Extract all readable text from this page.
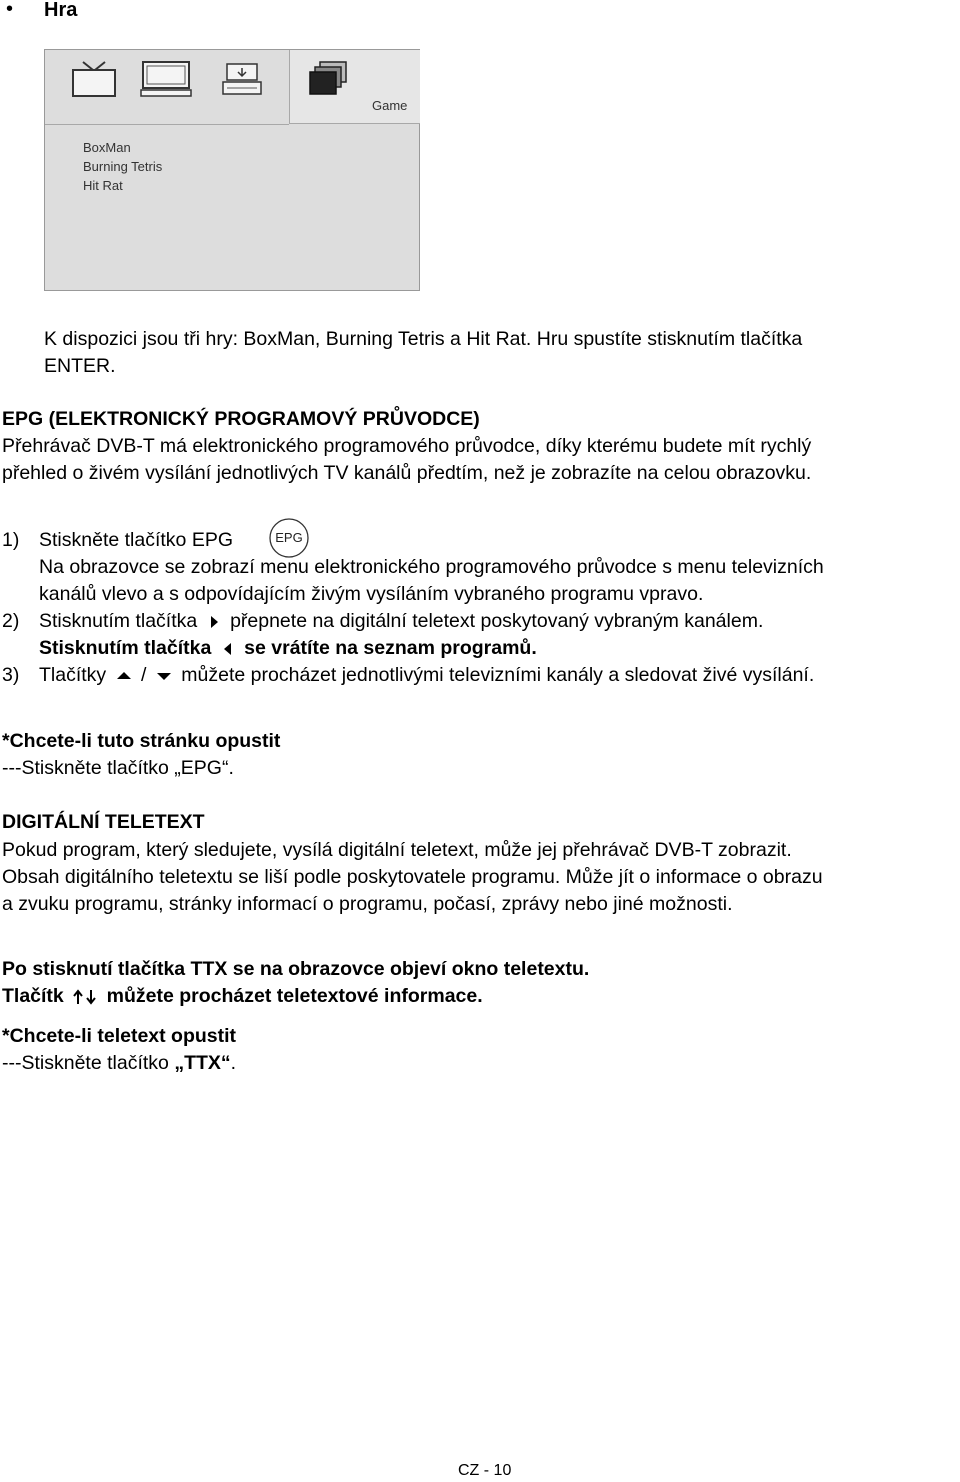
• Hra
Game
BoxMan
Burning Tetris
Hit Rat
K dispozici jsou tři hry: BoxMan, Burning Tetris a Hit Rat. Hru spustíte stisknutím tlačítka
ENTER.
EPG (ELEKTRONICKÝ PROGRAMOVÝ PRŮVODCE)
Přehrávač DVB-T má elektronického programového průvodce, díky kterému budete mít rychlý
přehled o živém vysílání jednotlivých TV kanálů předtím, než je zobrazíte na celou obrazovku.
1) Stiskněte tlačítko EPG	EPG
Na obrazovce se zobrazí menu elektronického programového průvodce s menu televizních
kanálů vlevo a s odpovídajícím živým vysíláním vybraného programu vpravo.
2) Stisknutím tlačítka přepnete na digitální teletext poskytovaný vybraným kanálem.
Stisknutím tlačítka se vrátíte na seznam programů.
3) Tlačítky / můžete procházet jednotlivými televizními kanály a sledovat živé vysílání.
*Chcete-li tuto stránku opustit
---Stiskněte tlačítko „EPG“.
DIGITÁLNÍ TELETEXT
Pokud program, který sledujete, vysílá digitální teletext, může jej přehrávač DVB-T zobrazit.
Obsah digitálního teletextu se liší podle poskytovatele programu. Může jít o informace o obrazu
a zvuku programu, stránky informací o programu, počasí, zprávy nebo jiné možnosti.
Po stisknutí tlačítka TTX se na obrazovce objeví okno teletextu.
Tlačítk můžete procházet teletextové informace.
*Chcete-li teletext opustit
---Stiskněte tlačítko „TTX“.
CZ - 10
